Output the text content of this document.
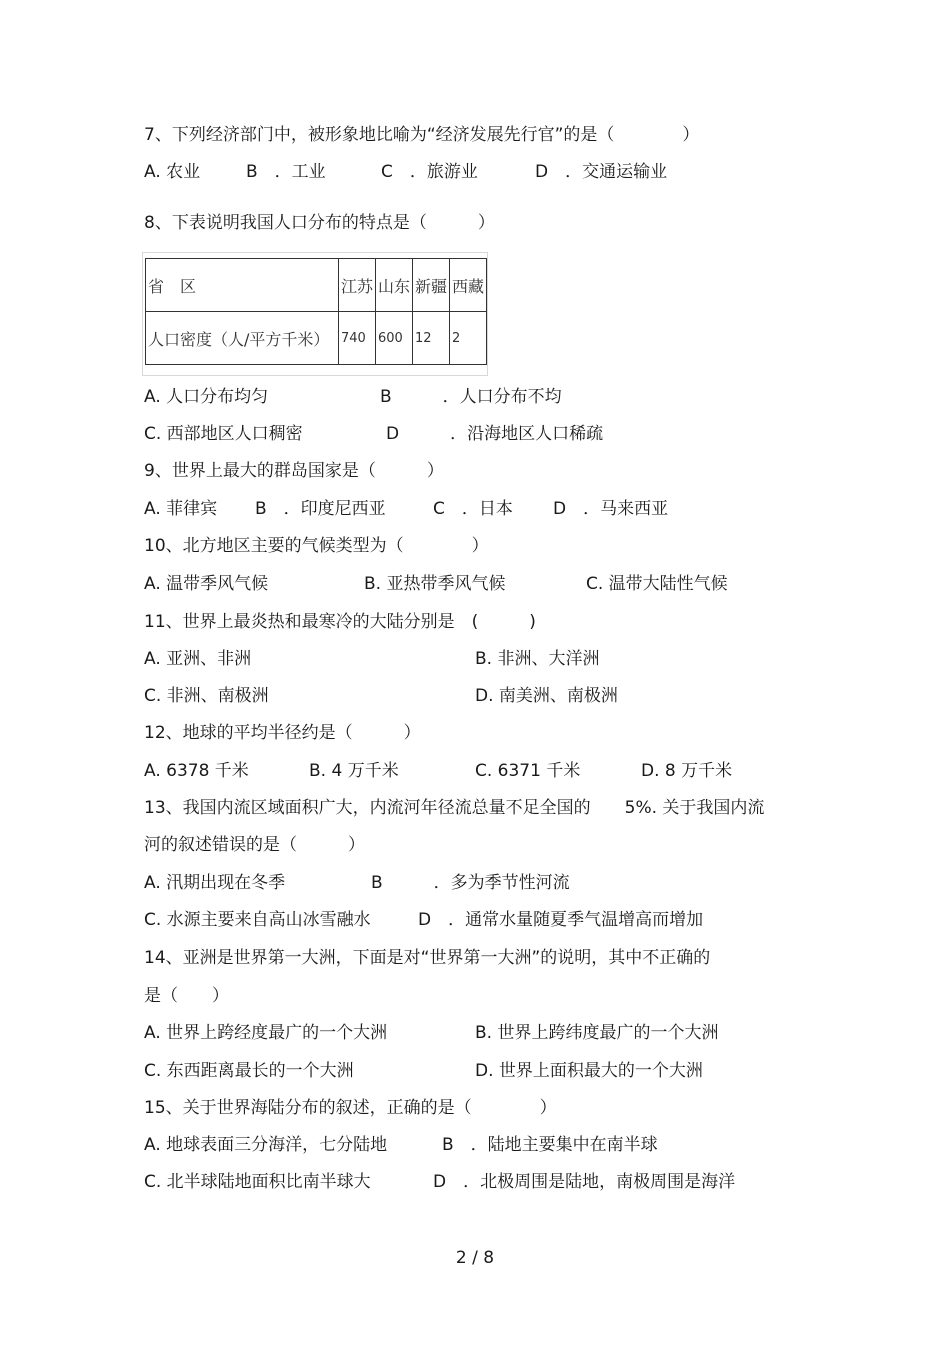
7、下列经济部门中，被形象地比喻为“经济发展先行官”的是（　　　　）
A. 农业	B　．工业	C　．旅游业	D　．交通运输业
8、下表说明我国人口分布的特点是（　　　）
省　区	江苏	山东	新疆	西藏
人口密度（人/平方千米）	740	600	12	2
A. 人口分布均匀	B　　　．人口分布不均
C. 西部地区人口稠密	D　　　．沿海地区人口稀疏
9、世界上最大的群岛国家是（　　　）
A. 菲律宾 B　．印度尼西亚	C　．日本 D　．马来西亚
10、北方地区主要的气候类型为（　　　　）
A. 温带季风气候	B. 亚热带季风气候	C. 温带大陆性气候
11、世界上最炎热和最寒冷的大陆分别是　(　　　)
A. 亚洲、非洲	B. 非洲、大洋洲
C. 非洲、南极洲	D. 南美洲、南极洲
12、地球的平均半径约是（　　　）
A. 6378 千米	B. 4 万千米	C. 6371 千米	D. 8 万千米
13、我国内流区域面积广大，内流河年径流总量不足全国的　　5%. 关于我国内流
河的叙述错误的是（　　　）
A. 汛期出现在冬季	B　　　．多为季节性河流
C. 水源主要来自高山冰雪融水	D　．通常水量随夏季气温增高而增加
14、亚洲是世界第一大洲，下面是对“世界第一大洲”的说明，其中不正确的
是（　　）
A. 世界上跨经度最广的一个大洲	B. 世界上跨纬度最广的一个大洲
C. 东西距离最长的一个大洲	D. 世界上面积最大的一个大洲
15、关于世界海陆分布的叙述，正确的是（　　　　）
A. 地球表面三分海洋，七分陆地	B　．陆地主要集中在南半球
C. 北半球陆地面积比南半球大	D　．北极周围是陆地，南极周围是海洋
2 / 8
